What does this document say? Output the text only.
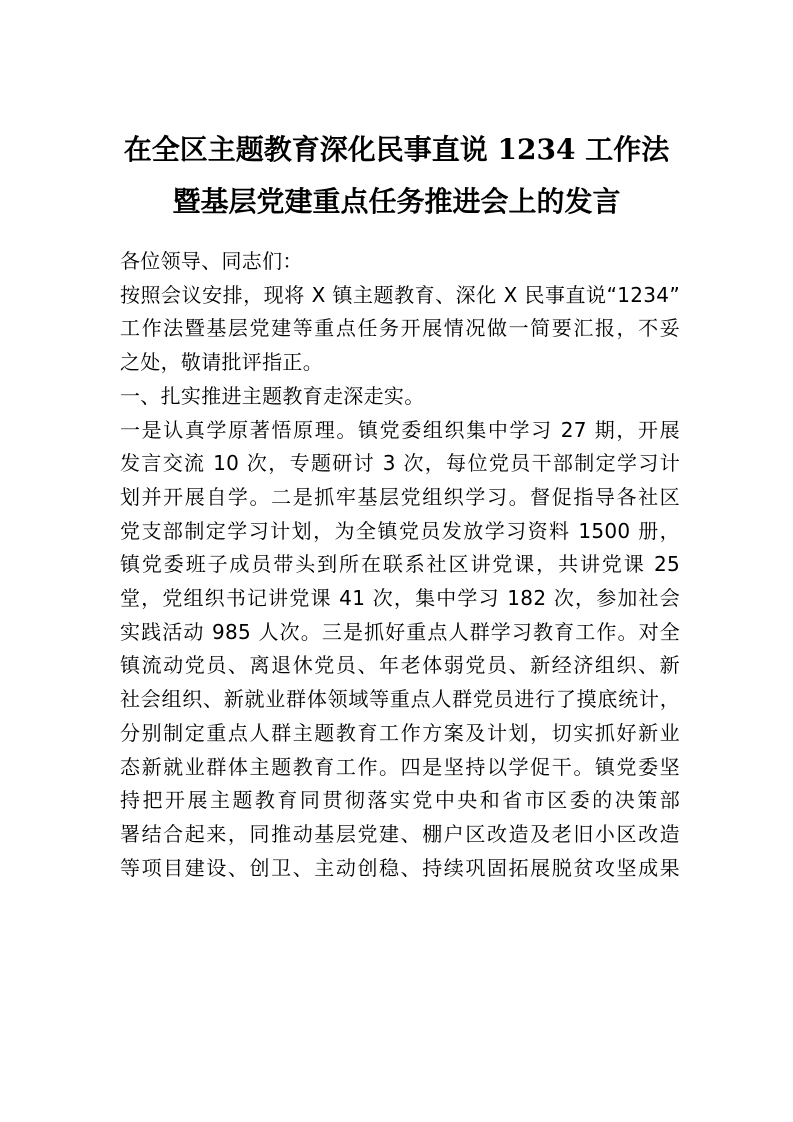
在全区主题教育深化民事直说 1234 工作法
暨基层党建重点任务推进会上的发言

各位领导、同志们：

按照会议安排，现将 X 镇主题教育、深化 X 民事直说“1234”
工作法暨基层党建等重点任务开展情况做一简要汇报，不妥
之处，敬请批评指正。

一、扎实推进主题教育走深走实。

一是认真学原著悟原理。镇党委组织集中学习 27 期，开展
发言交流 10 次，专题研讨 3 次，每位党员干部制定学习计
划并开展自学。二是抓牢基层党组织学习。督促指导各社区
党支部制定学习计划，为全镇党员发放学习资料 1500 册，
镇党委班子成员带头到所在联系社区讲党课，共讲党课 25
堂，党组织书记讲党课 41 次，集中学习 182 次，参加社会
实践活动 985 人次。三是抓好重点人群学习教育工作。对全
镇流动党员、离退休党员、年老体弱党员、新经济组织、新
社会组织、新就业群体领域等重点人群党员进行了摸底统计，
分别制定重点人群主题教育工作方案及计划，切实抓好新业
态新就业群体主题教育工作。四是坚持以学促干。镇党委坚
持把开展主题教育同贯彻落实党中央和省市区委的决策部
署结合起来，同推动基层党建、棚户区改造及老旧小区改造
等项目建设、创卫、主动创稳、持续巩固拓展脱贫攻坚成果
